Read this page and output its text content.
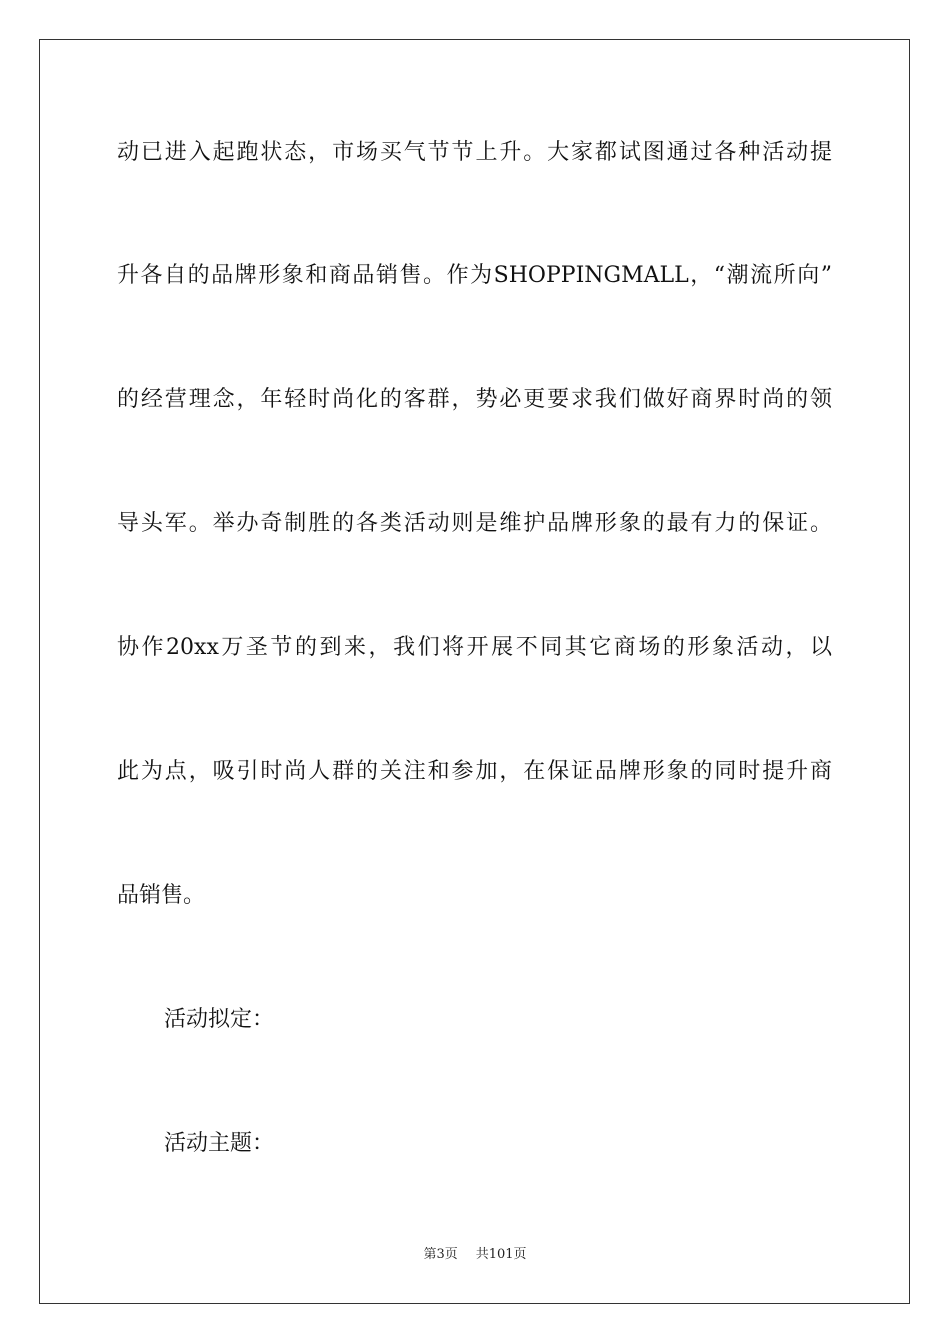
动已进入起跑状态，市场买气节节上升。大家都试图通过各种活动提
升各自的品牌形象和商品销售。作为SHOPPINGMALL，“潮流所向”
的经营理念，年轻时尚化的客群，势必更要求我们做好商界时尚的领
导头军。举办奇制胜的各类活动则是维护品牌形象的最有力的保证。
协作20xx万圣节的到来，我们将开展不同其它商场的形象活动，以
此为点，吸引时尚人群的关注和参加，在保证品牌形象的同时提升商
品销售。
活动拟定：
活动主题：
第3页 共101页
